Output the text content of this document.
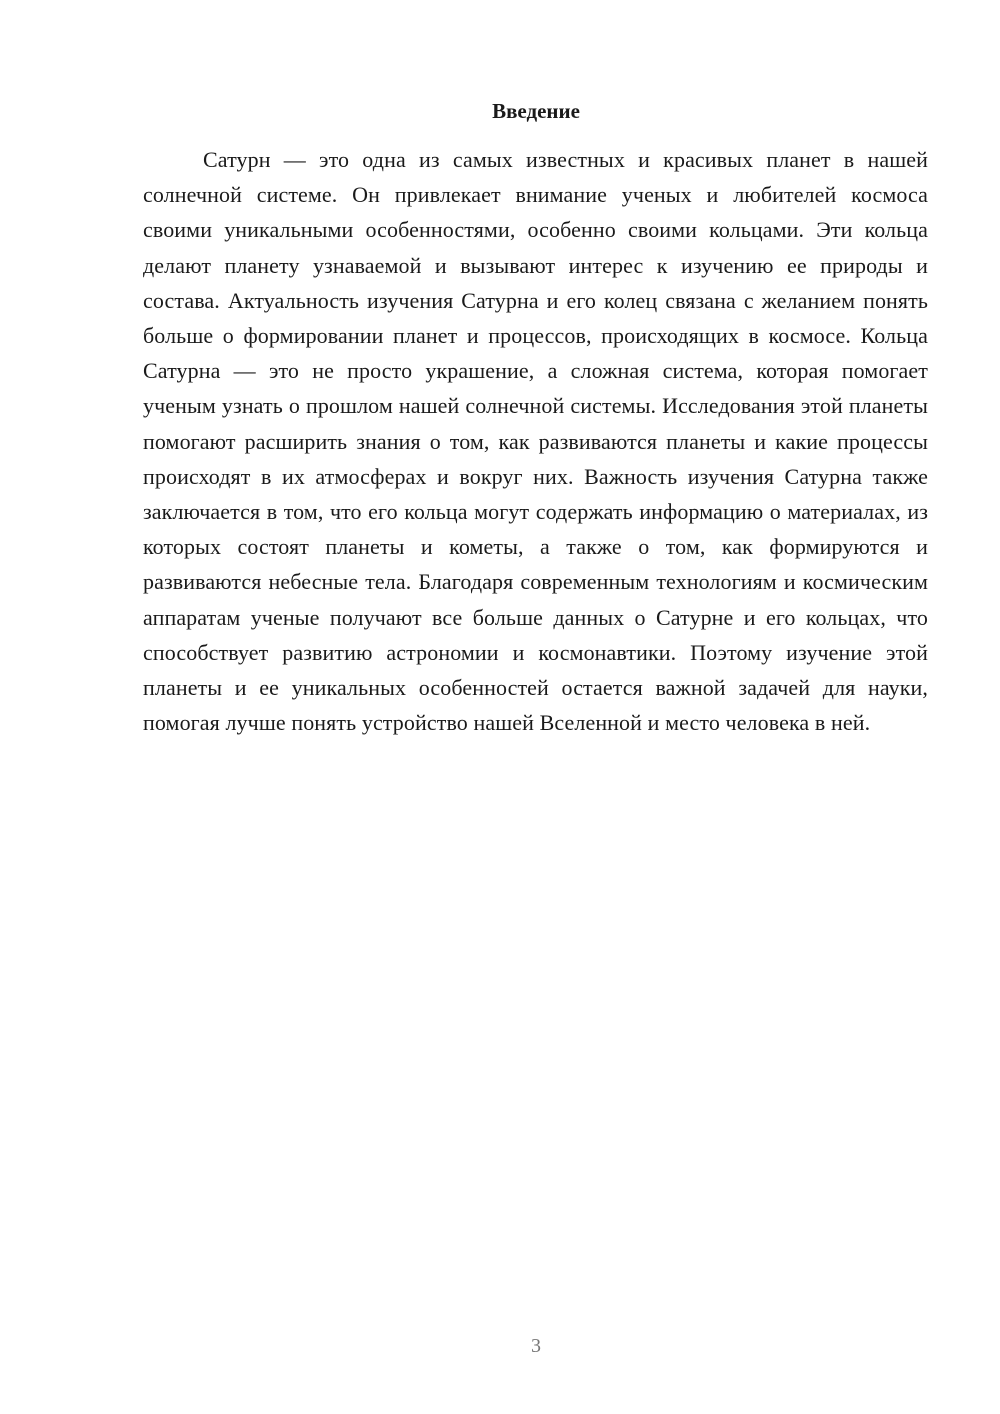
Введение

Сатурн — это одна из самых известных и красивых планет в нашей солнечной системе. Он привлекает внимание ученых и любителей космоса своими уникальными особенностями, особенно своими кольцами. Эти кольца делают планету узнаваемой и вызывают интерес к изучению ее природы и состава. Актуальность изучения Сатурна и его колец связана с желанием понять больше о формировании планет и процессов, происходящих в космосе. Кольца Сатурна — это не просто украшение, а сложная система, которая помогает ученым узнать о прошлом нашей солнечной системы. Исследования этой планеты помогают расширить знания о том, как развиваются планеты и какие процессы происходят в их атмосферах и вокруг них. Важность изучения Сатурна также заключается в том, что его кольца могут содержать информацию о материалах, из которых состоят планеты и кометы, а также о том, как формируются и развиваются небесные тела. Благодаря современным технологиям и космическим аппаратам ученые получают все больше данных о Сатурне и его кольцах, что способствует развитию астрономии и космонавтики. Поэтому изучение этой планеты и ее уникальных особенностей остается важной задачей для науки, помогая лучше понять устройство нашей Вселенной и место человека в ней.

3
